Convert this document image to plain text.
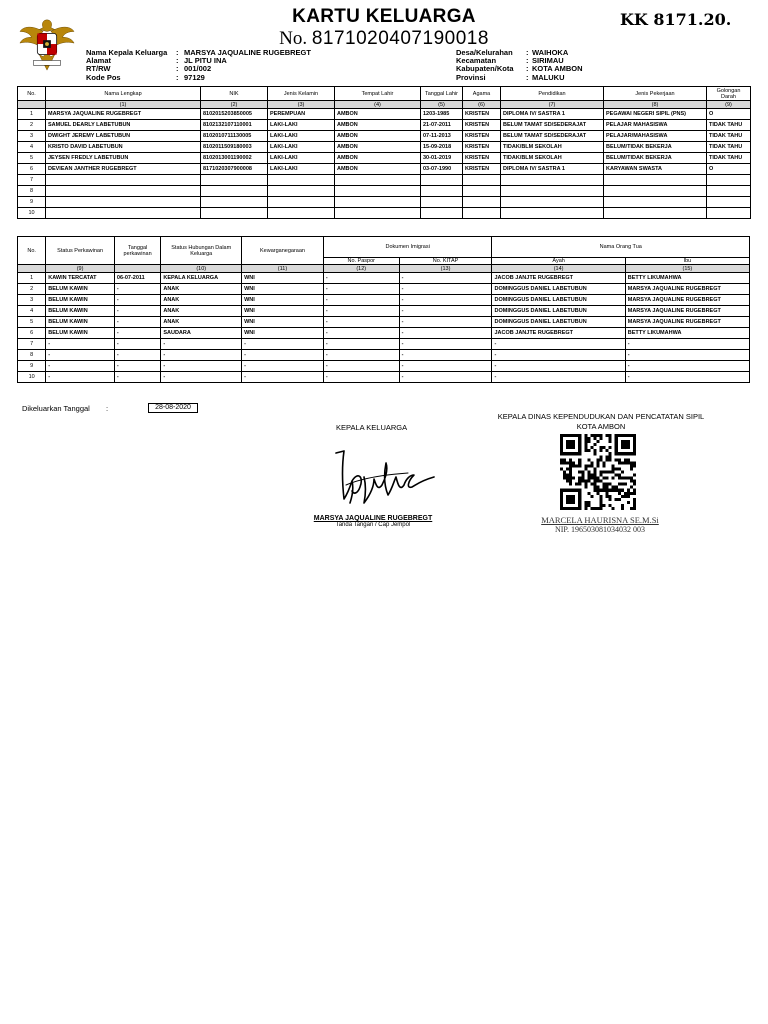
KARTU KELUARGA	KK 8171.20.
No. 8171020407190018
Nama Kepala Keluarga	: MARSYA JAQUALINE RUGEBREGT
Alamat	: JL PITU INA
RT/RW	: 001/002
Kode Pos	: 97129
Desa/Kelurahan	: WAIHOKA
Kecamatan	: SIRIMAU
Kabupaten/Kota	: KOTA AMBON
Provinsi	: MALUKU
No.	Nama Lengkap	NIK	Jenis Kelamin	Tempat Lahir	Tanggal Lahir	Agama	Pendidikan	Jenis Pekerjaan	Golongan Darah
	(1)	(2)	(3)	(4)	(5)	(6)	(7)	(8)	(9)
1	MARSYA JAQUALINE RUGEBREGT	8102015203850005	PEREMPUAN	AMBON	1203-1985	KRISTEN	DIPLOMA IV/ SASTRA 1	PEGAWAI NEGERI SIPIL (PNS)	O
2	SAMUEL DEARLY LABETUBUN	8102132107110001	LAKI-LAKI	AMBON	21-07-2011	KRISTEN	BELUM TAMAT SD/SEDERAJAT	PELAJAR MAHASISWA	TIDAK TAHU
3	DWIGHT JEREMY LABETUBUN	8102010711130005	LAKI-LAKI	AMBON	07-11-2013	KRISTEN	BELUM TAMAT SD/SEDERAJAT	PELAJAR/MAHASISWA	TIDAK TAHU
4	KRISTO DAVID LABETUBUN	8102011509180003	LAKI-LAKI	AMBON	15-09-2018	KRISTEN	TIDAK/BLM SEKOLAH	BELUM/TIDAK BEKERJA	TIDAK TAHU
5	JEYSEN FREDLY LABETUBUN	8102013001190002	LAKI-LAKI	AMBON	30-01-2019	KRISTEN	TIDAK/BLM SEKOLAH	BELUM/TIDAK BEKERJA	TIDAK TAHU
6	DEVIEAN JANTHER RUGEBREGT	8171020307900008	LAKI-LAKI	AMBON	03-07-1990	KRISTEN	DIPLOMA IV/ SASTRA 1	KARYAWAN SWASTA	O
7									
8									
9									
10									
No.	Status Perkawinan	Tanggal perkawinan	Status Hubungan Dalam Keluarga	Kewarganegaraan	Dokumen Imigrasi		Nama Orang Tua	
					No. Paspor	No. KITAP	Ayah	Ibu
	(9)		(10)	(11)	(12)	(13)	(14)	(15)
1	KAWIN TERCATAT	06-07-2011	KEPALA KELUARGA	WNI	-	-	JACOB JANJTE RUGEBREGT	BETTY LIKUMAHWA
2	BELUM KAWIN	-	ANAK	WNI	-	-	DOMINGGUS DANIEL LABETUBUN	MARSYA JAQUALINE RUGEBREGT
3	BELUM KAWIN	-	ANAK	WNI	-	-	DOMINGGUS DANIEL LABETUBUN	MARSYA JAQUALINE RUGEBREGT
4	BELUM KAWIN	-	ANAK	WNI	-	-	DOMINGGUS DANIEL LABETUBUN	MARSYA JAQUALINE RUGEBREGT
5	BELUM KAWIN	-	ANAK	WNI	-	-	DOMINGGUS DANIEL LABETUBUN	MARSYA JAQUALINE RUGEBREGT
6	BELUM KAWIN	-	SAUDARA	WNI	-	-	JACOB JANJTE RUGEBREGT	BETTY LIKUMAHWA
7	-	-	-	-	-	-	-	-
8	-	-	-	-	-	-	-	-
9	-	-	-	-	-	-	-	-
10	-	-	-	-	-	-	-	-
Dikeluarkan Tanggal :	28-08-2020
KEPALA KELUARGA
MARSYA JAQUALINE RUGEBREGT
Tanda Tangan / Cap Jempol
KEPALA DINAS KEPENDUDUKAN DAN PENCATATAN SIPIL
KOTA AMBON
MARCELA HAURISNA SE.M.Si
NIP. 196503081034032 003
